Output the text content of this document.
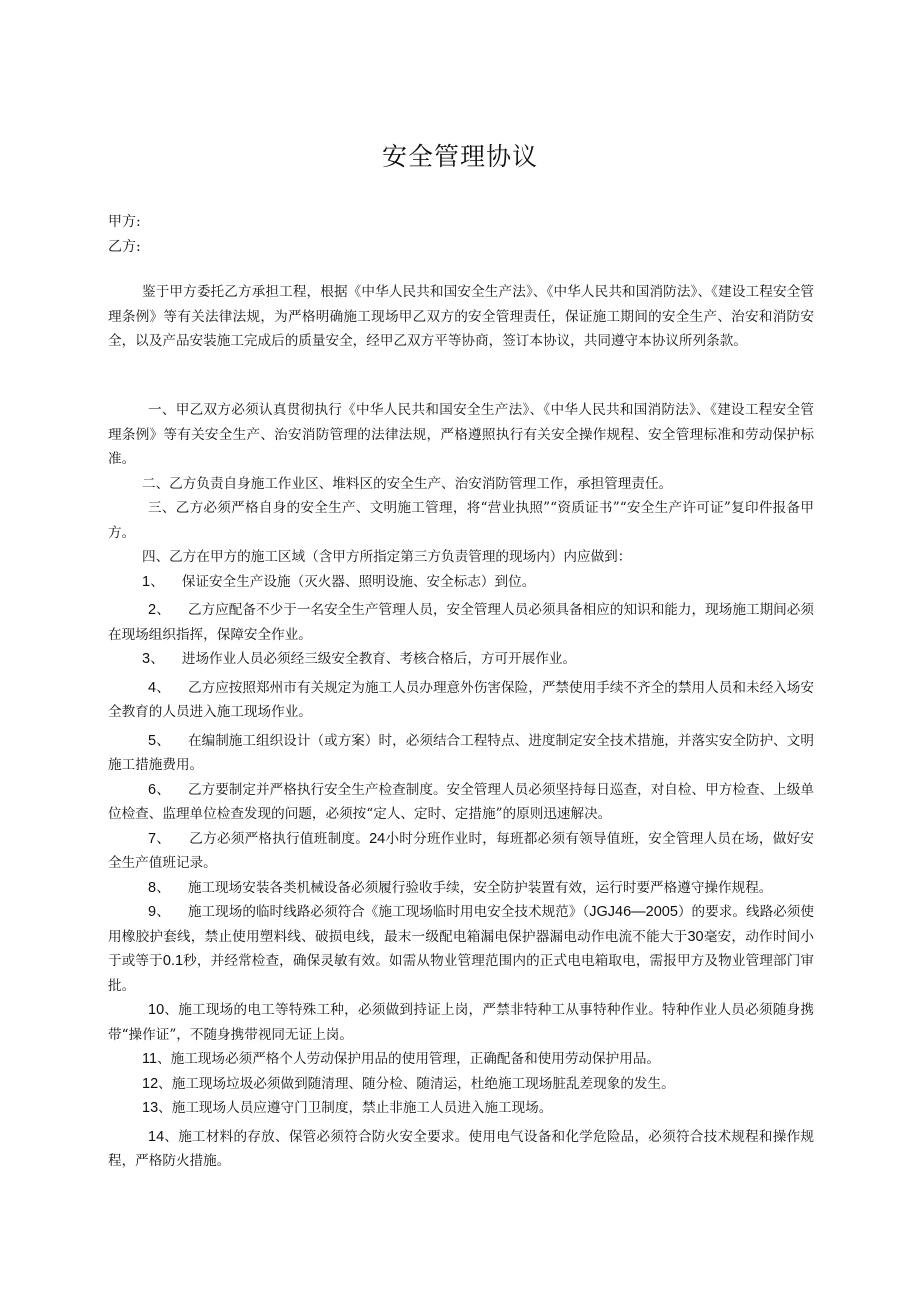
安全管理协议
甲方:
乙方:

鉴于甲方委托乙方承担工程，根据《中华人民共和国安全生产法》、《中华人民共和国消防法》、《建设工程安全管理条例》等有关法律法规，为严格明确施工现场甲乙双方的安全管理责任，保证施工期间的安全生产、治安和消防安全，以及产品安装施工完成后的质量安全，经甲乙双方平等协商，签订本协议，共同遵守本协议所列条款。

一、甲乙双方必须认真贯彻执行《中华人民共和国安全生产法》、《中华人民共和国消防法》、《建设工程安全管理条例》等有关安全生产、治安消防管理的法律法规，严格遵照执行有关安全操作规程、安全管理标准和劳动保护标准。

二、乙方负责自身施工作业区、堆料区的安全生产、治安消防管理工作，承担管理责任。

三、乙方必须严格自身的安全生产、文明施工管理，将“营业执照”“资质证书”“安全生产许可证”复印件报备甲方。

四、乙方在甲方的施工区域（含甲方所指定第三方负责管理的现场内）内应做到：

1、 保证安全生产设施（灭火器、照明设施、安全标志）到位。

2、 乙方应配备不少于一名安全生产管理人员，安全管理人员必须具备相应的知识和能力，现场施工期间必须在现场组织指挥，保障安全作业。

3、 进场作业人员必须经三级安全教育、考核合格后，方可开展作业。

4、 乙方应按照郑州市有关规定为施工人员办理意外伤害保险，严禁使用手续不齐全的禁用人员和未经入场安全教育的人员进入施工现场作业。

5、 在编制施工组织设计（或方案）时，必须结合工程特点、进度制定安全技术措施，并落实安全防护、文明施工措施费用。

6、 乙方要制定并严格执行安全生产检查制度。安全管理人员必须坚持每日巡查，对自检、甲方检查、上级单位检查、监理单位检查发现的问题，必须按“定人、定时、定措施”的原则迅速解决。

7、 乙方必须严格执行值班制度。24小时分班作业时，每班都必须有领导值班，安全管理人员在场，做好安全生产值班记录。

8、 施工现场安装各类机械设备必须履行验收手续，安全防护装置有效，运行时要严格遵守操作规程。

9、 施工现场的临时线路必须符合《施工现场临时用电安全技术规范》（JGJ46—2005）的要求。线路必须使用橡胶护套线，禁止使用塑料线、破损电线，最末一级配电箱漏电保护器漏电动作电流不能大于30毫安，动作时间小于或等于0.1秒，并经常检查，确保灵敏有效。如需从物业管理范围内的正式电电箱取电，需报甲方及物业管理部门审批。

10、施工现场的电工等特殊工种，必须做到持证上岗，严禁非特种工从事特种作业。特种作业人员必须随身携带“操作证”，不随身携带视同无证上岗。

11、施工现场必须严格个人劳动保护用品的使用管理，正确配备和使用劳动保护用品。

12、施工现场垃圾必须做到随清理、随分检、随清运，杜绝施工现场脏乱差现象的发生。

13、施工现场人员应遵守门卫制度，禁止非施工人员进入施工现场。

14、施工材料的存放、保管必须符合防火安全要求。使用电气设备和化学危险品，必须符合技术规程和操作规程，严格防火措施。
